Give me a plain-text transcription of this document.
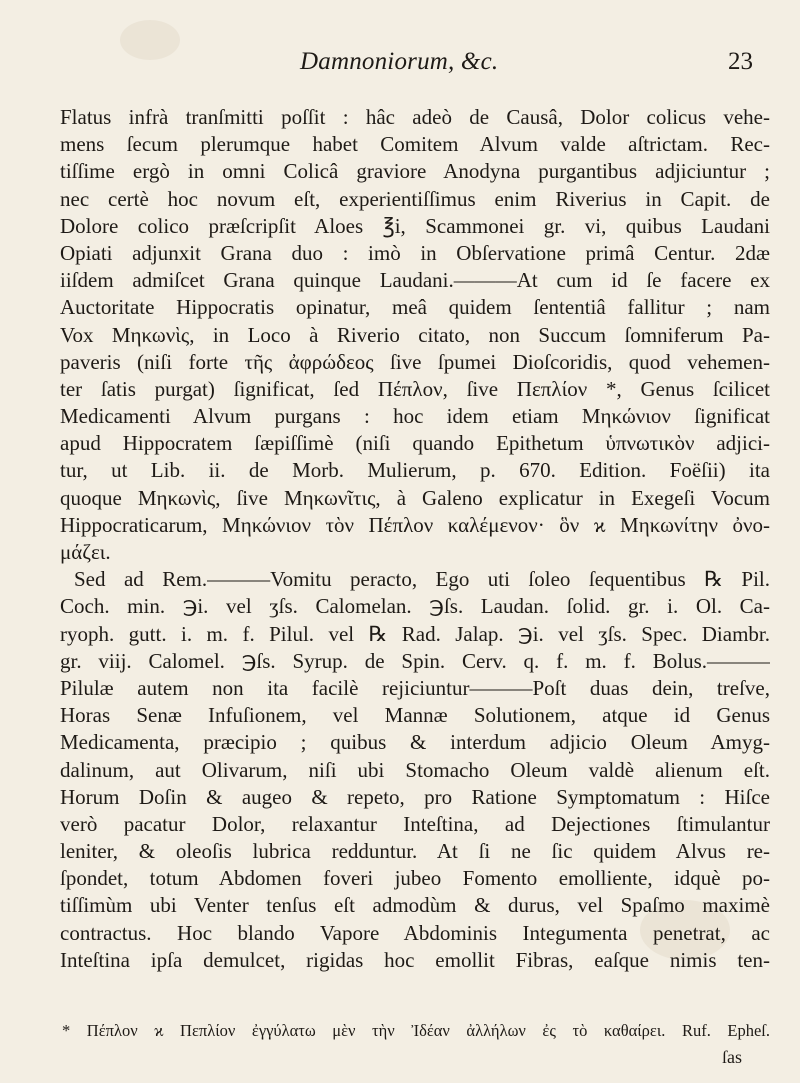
Damnoniorum, &c.	23
Flatus infrà tranſmitti poſſit : hâc adeò de Causâ, Dolor colicus vehe-
mens ſecum plerumque habet Comitem Alvum valde aſtrictam. Rec-
tiſſime ergò in omni Colicâ graviore Anodyna purgantibus adjiciuntur ;
nec certè hoc novum eſt, experientiſſimus enim Riverius in Capit. de
Dolore colico præſcripſit Aloes ℥i, Scammonei gr. vi, quibus Laudani
Opiati adjunxit Grana duo : imò in Obſervatione primâ Centur. 2dæ
iiſdem admiſcet Grana quinque Laudani.———At cum id ſe facere ex
Auctoritate Hippocratis opinatur, meâ quidem ſententiâ fallitur ; nam
Vox Μηκωνὶς, in Loco à Riverio citato, non Succum ſomniferum Pa-
paveris (niſi forte τῆς ἀφρώδεος ſive ſpumei Dioſcoridis, quod vehemen-
ter ſatis purgat) ſignificat, ſed Πέπλον, ſive Πεπλίον *, Genus ſcilicet
Medicamenti Alvum purgans : hoc idem etiam Μηκώνιον ſignificat
apud Hippocratem ſæpiſſimè (niſi quando Epithetum ὑπνωτικὸν adjici-
tur, ut Lib. ii. de Morb. Mulierum, p. 670. Edition. Foëſii) ita
quoque Μηκωνὶς, ſive Μηκωνῖτις, à Galeno explicatur in Exegeſi Vocum
Hippocraticarum, Μηκώνιον τὸν Πέπλον καλέμενον· ὃν ϰ Μηκωνίτην ὀνο-
μάζει.
Sed ad Rem.———Vomitu peracto, Ego uti ſoleo ſequentibus ℞ Pil.
Coch. min. ℈i. vel ʒſs. Calomelan. ℈ſs. Laudan. ſolid. gr. i. Ol. Ca-
ryoph. gutt. i. m. f. Pilul. vel ℞ Rad. Jalap. ℈i. vel ʒſs. Spec. Diambr.
gr. viij. Calomel. ℈ſs. Syrup. de Spin. Cerv. q. f. m. f. Bolus.———
Pilulæ autem non ita facilè rejiciuntur———Poſt duas dein, treſve,
Horas Senæ Infuſionem, vel Mannæ Solutionem, atque id Genus
Medicamenta, præcipio ; quibus & interdum adjicio Oleum Amyg-
dalinum, aut Olivarum, niſi ubi Stomacho Oleum valdè alienum eſt.
Horum Doſin & augeo & repeto, pro Ratione Symptomatum : Hiſce
verò pacatur Dolor, relaxantur Inteſtina, ad Dejectiones ſtimulantur
leniter, & oleoſis lubrica redduntur. At ſi ne ſic quidem Alvus re-
ſpondet, totum Abdomen foveri jubeo Fomento emolliente, idquè po-
tiſſimùm ubi Venter tenſus eſt admodùm & durus, vel Spaſmo maximè
contractus. Hoc blando Vapore Abdominis Integumenta penetrat, ac
Inteſtina ipſa demulcet, rigidas hoc emollit Fibras, eaſque nimis ten-
* Πέπλον ϰ Πεπλίον ἐγγύλατω μὲν τὴν Ἰδέαν ἀλλήλων ἐς τὸ καθαίρει. Ruf. Epheſ.
ſas
